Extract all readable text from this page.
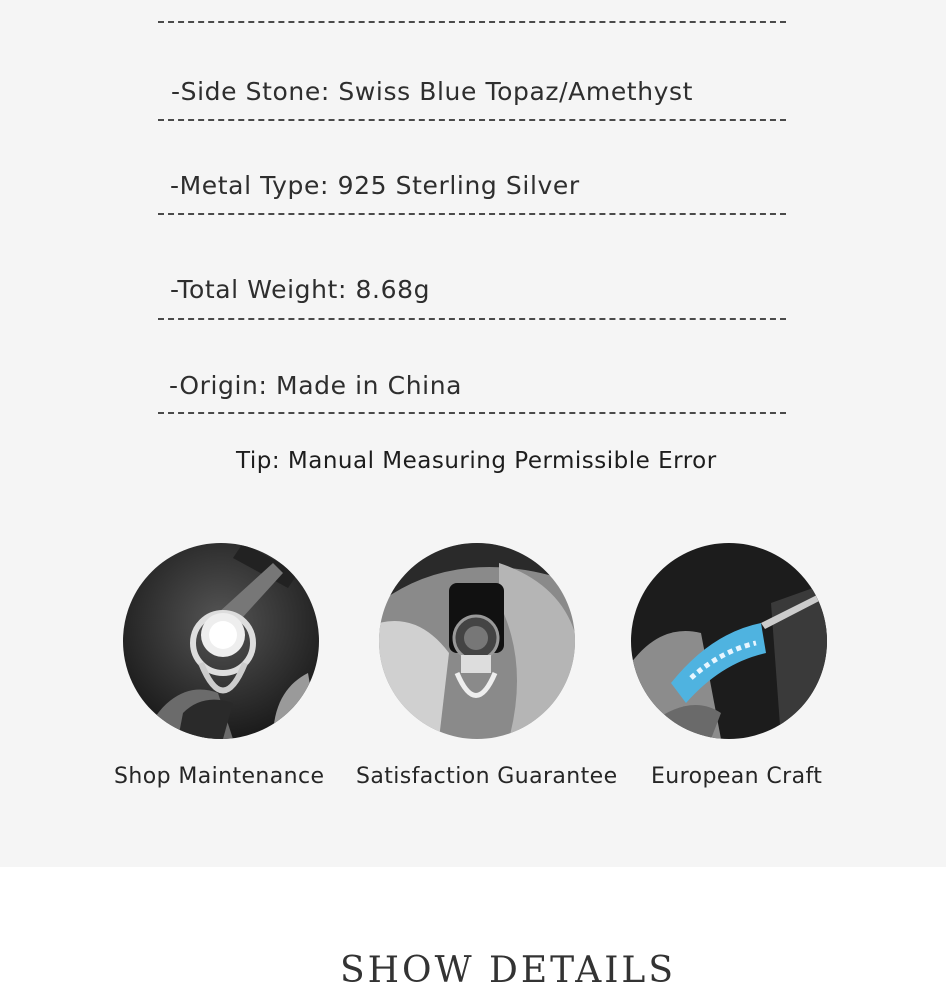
-Side Stone: Swiss Blue Topaz/Amethyst
-Metal Type: 925 Sterling Silver
-Total Weight: 8.68g
-Origin: Made in China
Tip: Manual Measuring Permissible Error
Shop Maintenance Satisfaction Guarantee European Craft
SHOW DETAILS
